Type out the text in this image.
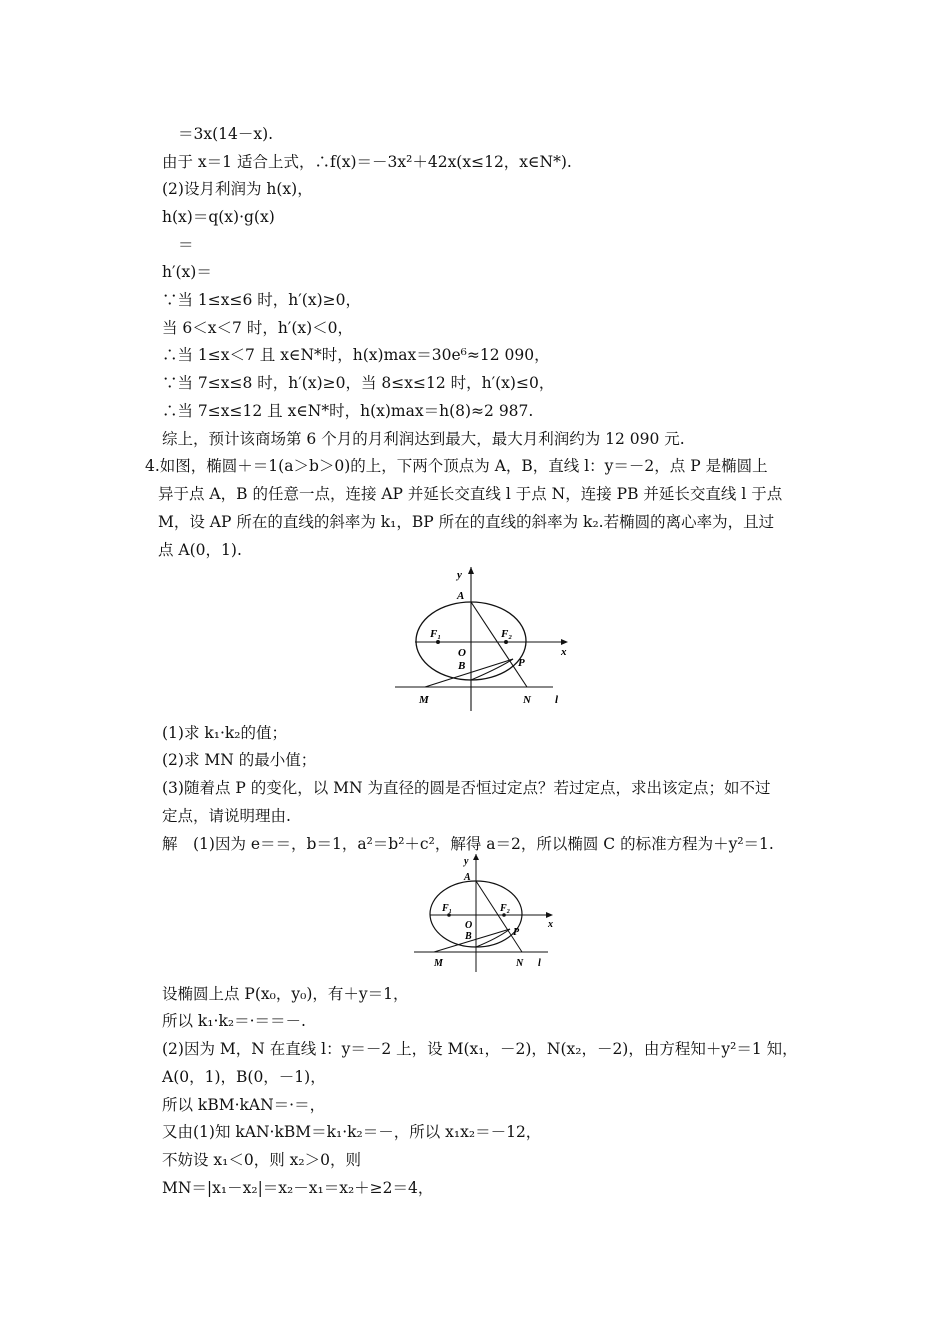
＝3x(14－x).
由于 x＝1 适合上式，∴f(x)＝－3x²＋42x(x≤12，x∈N*).
(2)设月利润为 h(x)，
h(x)＝q(x)·g(x)
＝
h′(x)＝
∵当 1≤x≤6 时，h′(x)≥0，
当 6＜x＜7 时，h′(x)＜0，
∴当 1≤x＜7 且 x∈N*时，h(x)max＝30e⁶≈12 090，
∵当 7≤x≤8 时，h′(x)≥0，当 8≤x≤12 时，h′(x)≤0，
∴当 7≤x≤12 且 x∈N*时，h(x)max＝h(8)≈2 987.
综上，预计该商场第 6 个月的月利润达到最大，最大月利润约为 12 090 元.
4.如图，椭圆＋＝1(a＞b＞0)的上，下两个顶点为 A，B，直线 l：y＝－2，点 P 是椭圆上
异于点 A，B 的任意一点，连接 AP 并延长交直线 l 于点 N，连接 PB 并延长交直线 l 于点
M，设 AP 所在的直线的斜率为 k₁，BP 所在的直线的斜率为 k₂.若椭圆的离心率为，且过
点 A(0，1).
y
x
A
O
B	P
F₁	F₂
M	N l
(1)求 k₁·k₂的值；
(2)求 MN 的最小值；
(3)随着点 P 的变化，以 MN 为直径的圆是否恒过定点？若过定点，求出该定点；如不过
定点，请说明理由.
解　(1)因为 e＝＝，b＝1，a²＝b²＋c²，解得 a＝2，所以椭圆 C 的标准方程为＋y²＝1.
y
x
A
O
B	P
F₁	F₂
M	N l
设椭圆上点 P(x₀，y₀)，有＋y＝1，
所以 k₁·k₂＝·＝＝－.
(2)因为 M，N 在直线 l：y＝－2 上，设 M(x₁，－2)，N(x₂，－2)，由方程知＋y²＝1 知，
A(0，1)，B(0，－1)，
所以 kBM·kAN＝·＝，
又由(1)知 kAN·kBM＝k₁·k₂＝－，所以 x₁x₂＝－12，
不妨设 x₁＜0，则 x₂＞0，则
MN＝|x₁－x₂|＝x₂－x₁＝x₂＋≥2＝4，
